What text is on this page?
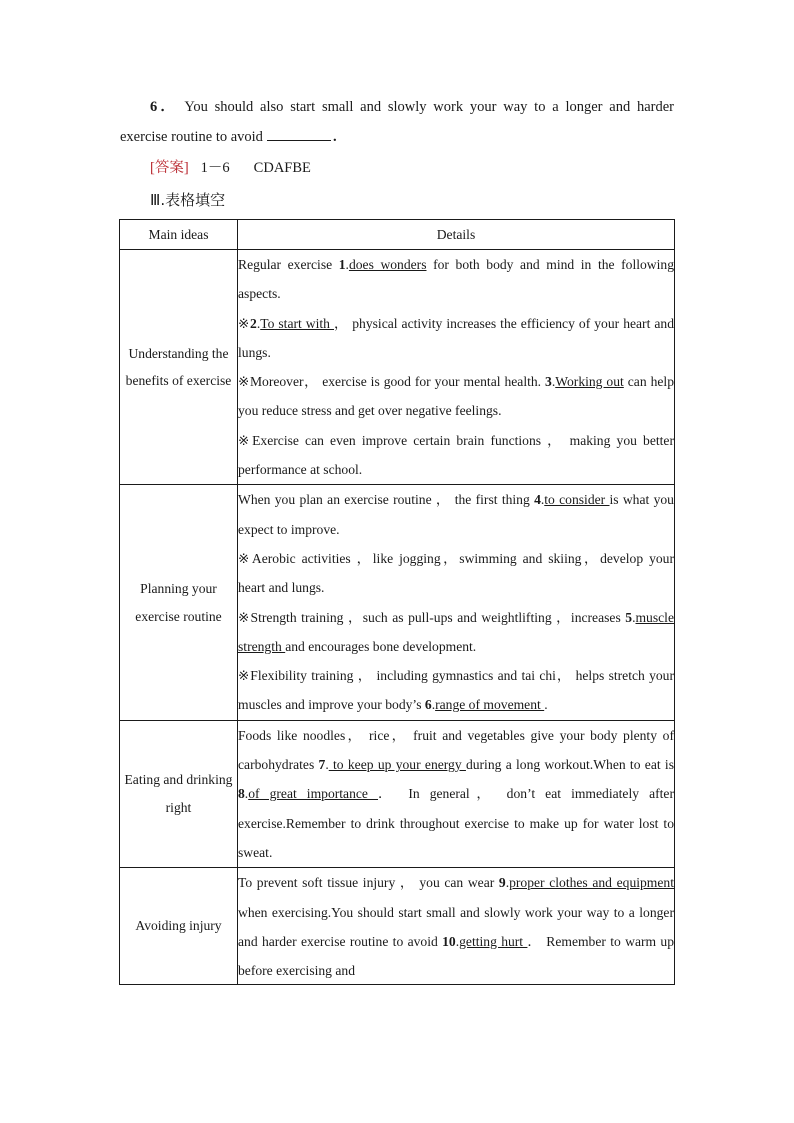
6． You should also start small and slowly work your way to a longer and harder
exercise routine to avoid	.
[答案] 1－6 CDAFBE
Ⅲ.表格填空
Main ideas	Details
Understanding the benefits of exercise	Regular exercise 1.does wonders for both body and mind in the following aspects.

※2.To start with ， physical activity increases the efficiency of your heart and lungs.

※Moreover， exercise is good for your mental health. 3.Working out can help you reduce stress and get over negative feelings.

※Exercise can even improve certain brain functions ， making you better performance at school.

Planning your exercise routine	When you plan an exercise routine ， the first thing 4.to consider is what you expect to improve.

※Aerobic activities ，like jogging，swimming and skiing，develop your heart and lungs.

※Strength training ，such as pull-ups and weightlifting ，increases 5.muscle strength and encourages bone development.

※Flexibility training ， including gymnastics and tai chi， helps stretch your muscles and improve your body’s 6.range of movement .

Eating and drinking right	Foods like noodles， rice， fruit and vegetables give your body plenty of carbohydrates 7. to keep up your energy during a long workout.When to eat is 8.of great importance ． In general， don’t eat immediately after exercise.Remember to drink throughout exercise to make up for water lost to sweat.

Avoiding injury	To prevent soft tissue injury ， you can wear 9.proper clothes and equipment when exercising.You should start small and slowly work your way to a longer and harder exercise routine to avoid 10.getting hurt ． Remember to warm up before exercising and
